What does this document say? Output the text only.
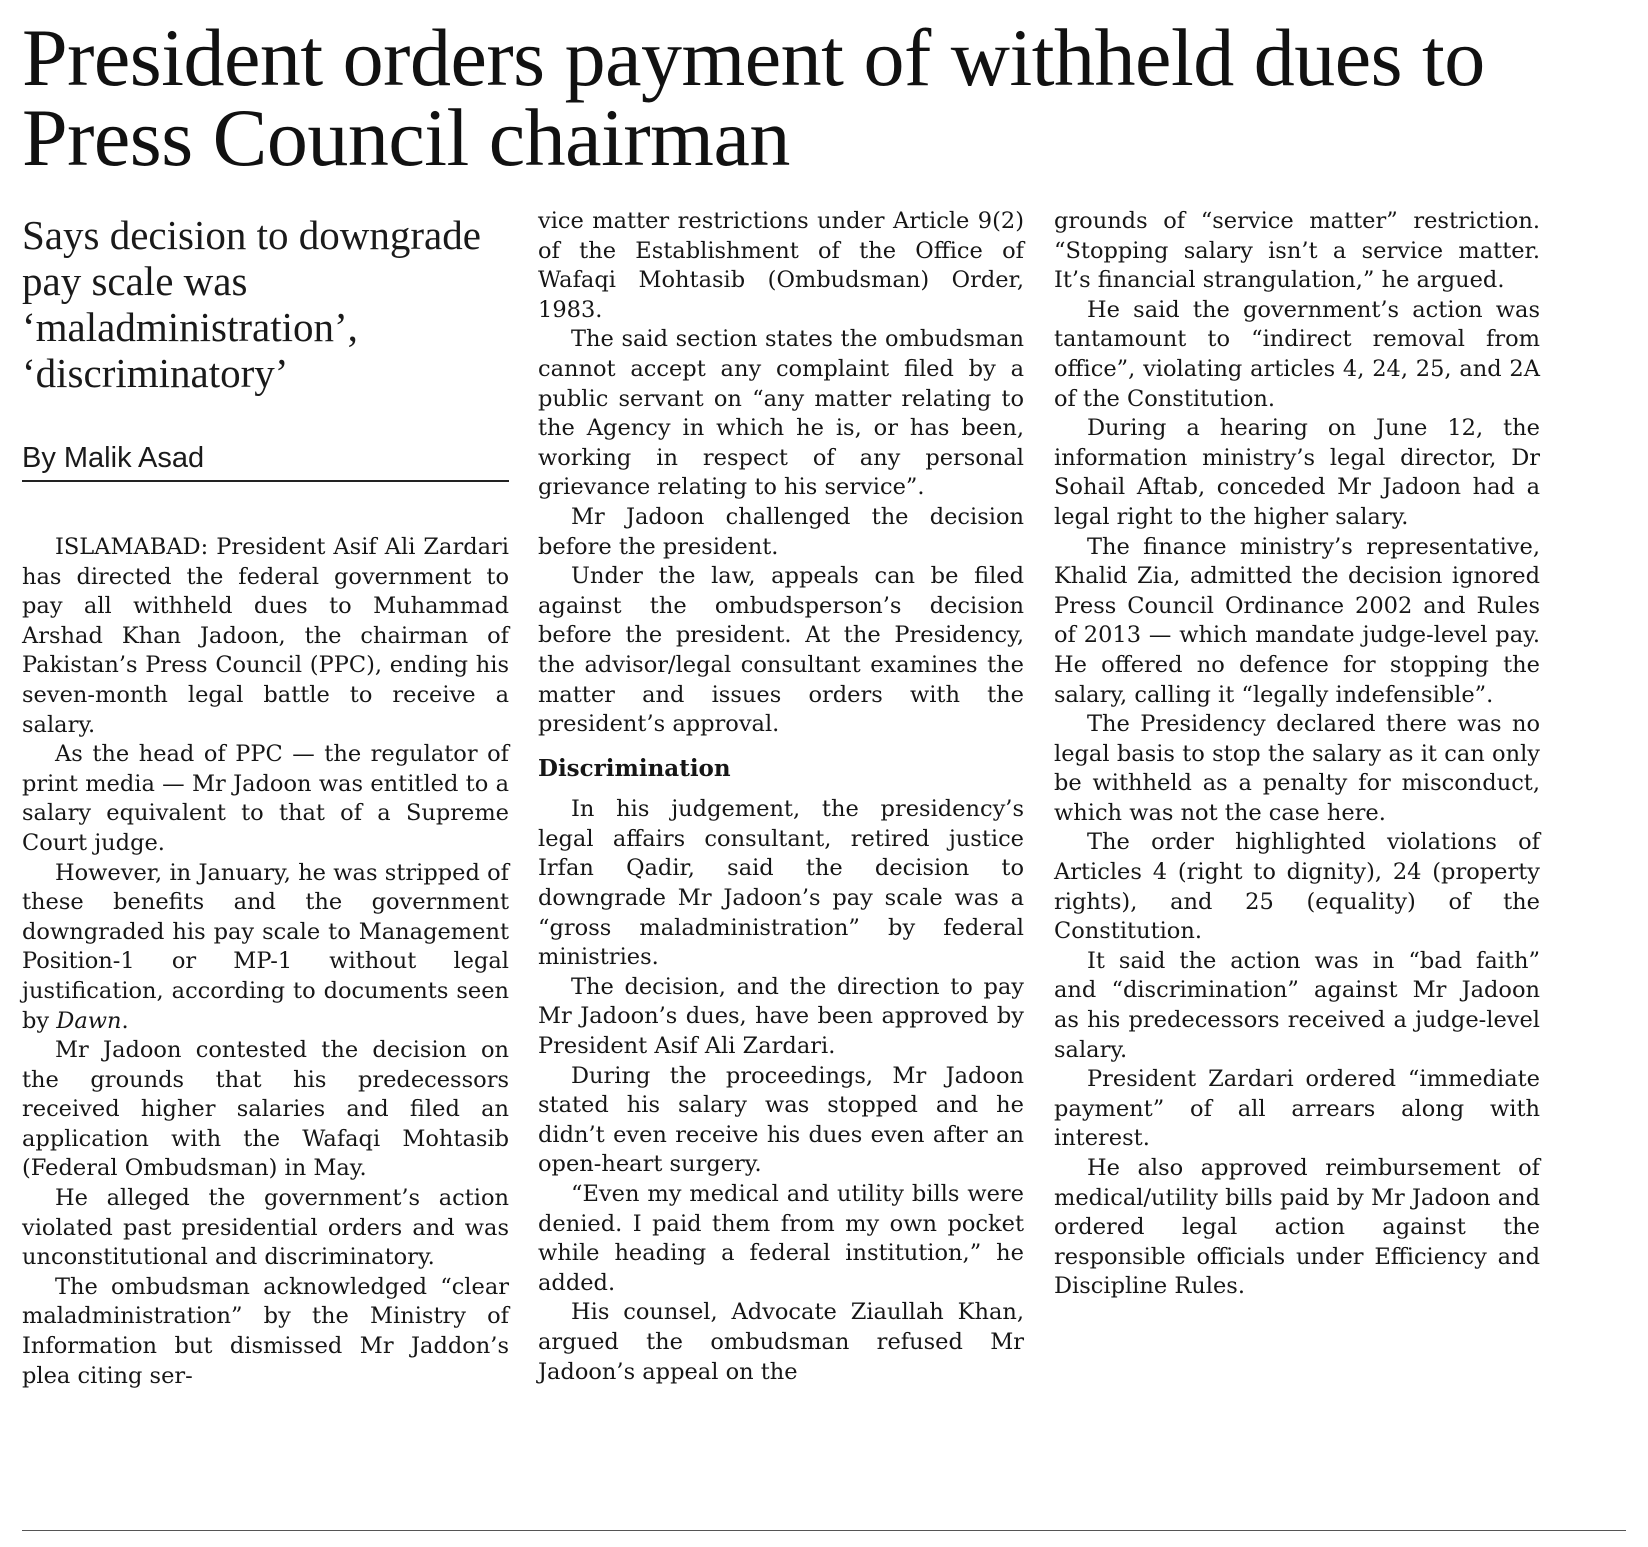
President orders payment of withheld dues to Press Council chairman
Says decision to downgrade pay scale was ‘maladministration’, ‘discriminatory’
By Malik Asad

ISLAMABAD: President Asif Ali Zardari has directed the federal government to pay all withheld dues to Muhammad Arshad Khan Jadoon, the chairman of Pakistan’s Press Council (PPC), ending his seven-month legal battle to receive a salary.

As the head of PPC — the regulator of print media — Mr Jadoon was entitled to a salary equivalent to that of a Supreme Court judge.

However, in January, he was stripped of these benefits and the government downgraded his pay scale to Management Position-1 or MP-1 without legal justification, according to documents seen by Dawn.

Mr Jadoon contested the decision on the grounds that his predecessors received higher salaries and filed an application with the Wafaqi Mohtasib (Federal Ombudsman) in May.

He alleged the government’s action violated past presidential orders and was unconstitutional and discriminatory.

The ombudsman acknowledged “clear maladministration” by the Ministry of Information but dismissed Mr Jaddon’s plea citing ser-

vice matter restrictions under Article 9(2) of the Establishment of the Office of Wafaqi Mohtasib (Ombudsman) Order, 1983.

The said section states the ombudsman cannot accept any complaint filed by a public servant on “any matter relating to the Agency in which he is, or has been, working in respect of any personal grievance relating to his service”.

Mr Jadoon challenged the decision before the president.

Under the law, appeals can be filed against the ombudsperson’s decision before the president. At the Presidency, the advisor/legal consultant examines the matter and issues orders with the president’s approval.

Discrimination

In his judgement, the presidency’s legal affairs consultant, retired justice Irfan Qadir, said the decision to downgrade Mr Jadoon’s pay scale was a “gross maladministration” by federal ministries.

The decision, and the direction to pay Mr Jadoon’s dues, have been approved by President Asif Ali Zardari.

During the proceedings, Mr Jadoon stated his salary was stopped and he didn’t even receive his dues even after an open-heart surgery.

“Even my medical and utility bills were denied. I paid them from my own pocket while heading a federal institution,” he added.

His counsel, Advocate Ziaullah Khan, argued the ombudsman refused Mr Jadoon’s appeal on the

grounds of “service matter” restriction. “Stopping salary isn’t a service matter. It’s financial strangulation,” he argued.

He said the government’s action was tantamount to “indirect removal from office”, violating articles 4, 24, 25, and 2A of the Constitution.

During a hearing on June 12, the information ministry’s legal director, Dr Sohail Aftab, conceded Mr Jadoon had a legal right to the higher salary.

The finance ministry’s representative, Khalid Zia, admitted the decision ignored Press Council Ordinance 2002 and Rules of 2013 — which mandate judge-level pay. He offered no defence for stopping the salary, calling it “legally indefensible”.

The Presidency declared there was no legal basis to stop the salary as it can only be withheld as a penalty for misconduct, which was not the case here.

The order highlighted violations of Articles 4 (right to dignity), 24 (property rights), and 25 (equality) of the Constitution.

It said the action was in “bad faith” and “discrimination” against Mr Jadoon as his predecessors received a judge-level salary.

President Zardari ordered “immediate payment” of all arrears along with interest.

He also approved reimbursement of medical/utility bills paid by Mr Jadoon and ordered legal action against the responsible officials under Efficiency and Discipline Rules.
